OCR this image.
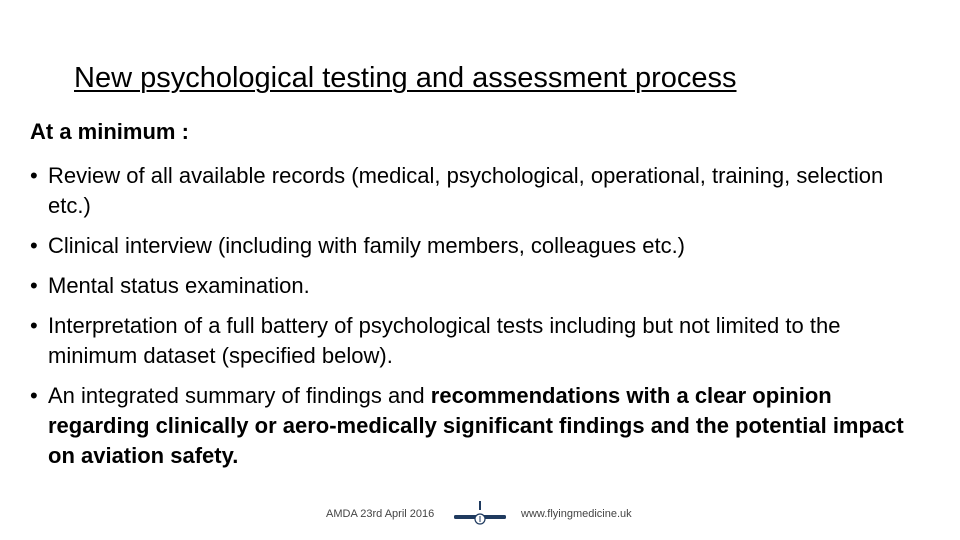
New psychological testing and assessment process

At a minimum :

• Review of all available records (medical, psychological, operational, training, selection etc.)
• Clinical interview (including with family members, colleagues etc.)
• Mental status examination.
• Interpretation of a full battery of psychological tests including but not limited to the minimum dataset (specified below).
• An integrated summary of findings and recommendations with a clear opinion regarding clinically or aero-medically significant findings and the potential impact on aviation safety.
AMDA 23rd April 2016	www.flyingmedicine.uk
